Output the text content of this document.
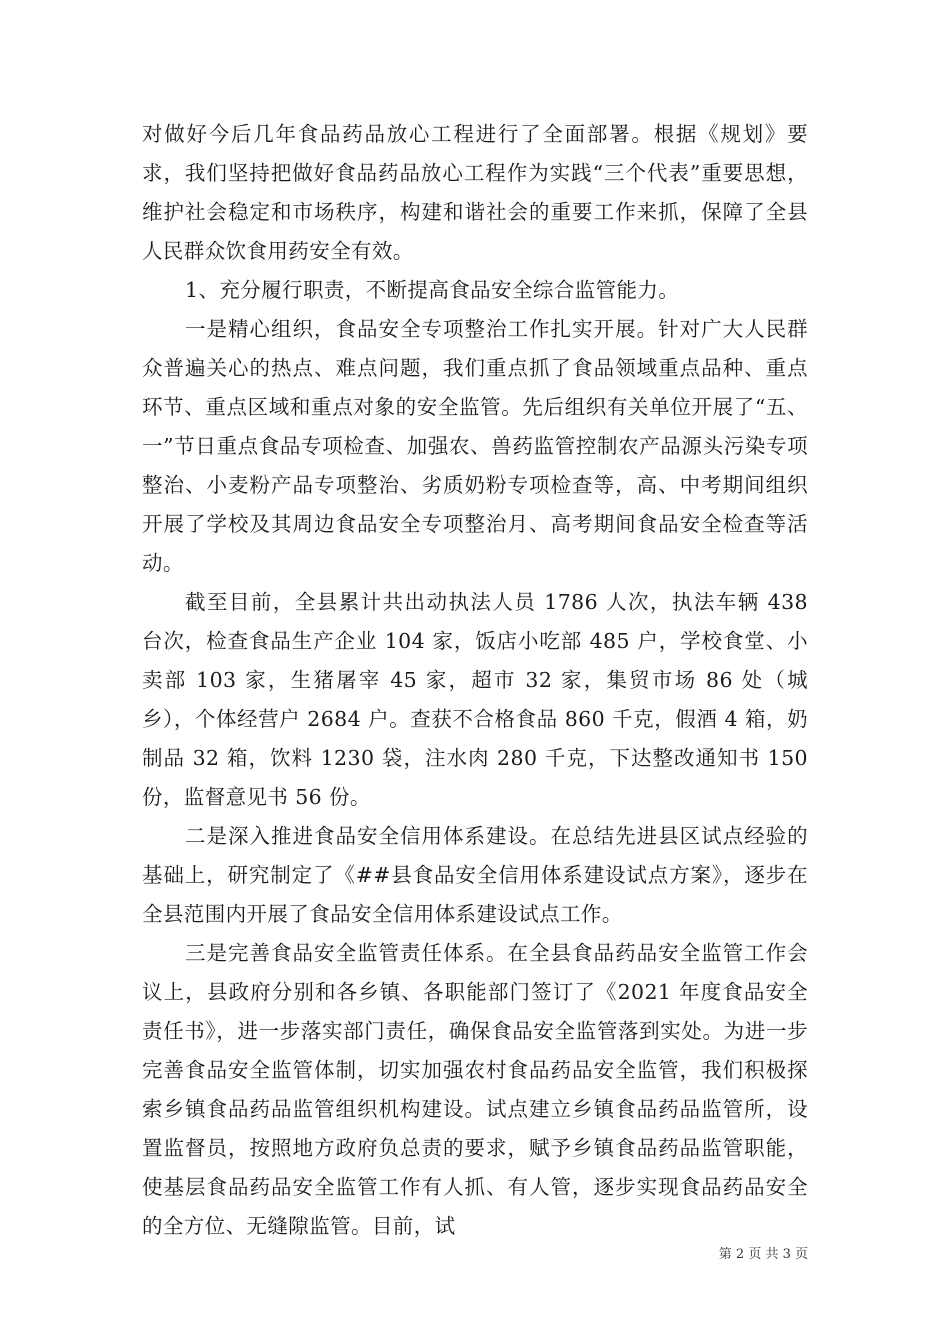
对做好今后几年食品药品放心工程进行了全面部署。根据《规划》要求，我们坚持把做好食品药品放心工程作为实践“三个代表”重要思想，维护社会稳定和市场秩序，构建和谐社会的重要工作来抓，保障了全县人民群众饮食用药安全有效。

1、充分履行职责，不断提高食品安全综合监管能力。

一是精心组织，食品安全专项整治工作扎实开展。针对广大人民群众普遍关心的热点、难点问题，我们重点抓了食品领域重点品种、重点环节、重点区域和重点对象的安全监管。先后组织有关单位开展了“五、一”节日重点食品专项检查、加强农、兽药监管控制农产品源头污染专项整治、小麦粉产品专项整治、劣质奶粉专项检查等，高、中考期间组织开展了学校及其周边食品安全专项整治月、高考期间食品安全检查等活动。

截至目前，全县累计共出动执法人员 1786 人次，执法车辆 438 台次，检查食品生产企业 104 家，饭店小吃部 485 户，学校食堂、小卖部 103 家，生猪屠宰 45 家，超市 32 家，集贸市场 86 处（城乡），个体经营户 2684 户。查获不合格食品 860 千克，假酒 4 箱，奶制品 32 箱，饮料 1230 袋，注水肉 280 千克，下达整改通知书 150 份，监督意见书 56 份。

二是深入推进食品安全信用体系建设。在总结先进县区试点经验的基础上，研究制定了《##县食品安全信用体系建设试点方案》，逐步在全县范围内开展了食品安全信用体系建设试点工作。

三是完善食品安全监管责任体系。在全县食品药品安全监管工作会议上，县政府分别和各乡镇、各职能部门签订了《2021 年度食品安全责任书》，进一步落实部门责任，确保食品安全监管落到实处。为进一步完善食品安全监管体制，切实加强农村食品药品安全监管，我们积极探索乡镇食品药品监管组织机构建设。试点建立乡镇食品药品监管所，设置监督员，按照地方政府负总责的要求，赋予乡镇食品药品监管职能，使基层食品药品安全监管工作有人抓、有人管，逐步实现食品药品安全的全方位、无缝隙监管。目前，试

第 2 页 共 3 页
